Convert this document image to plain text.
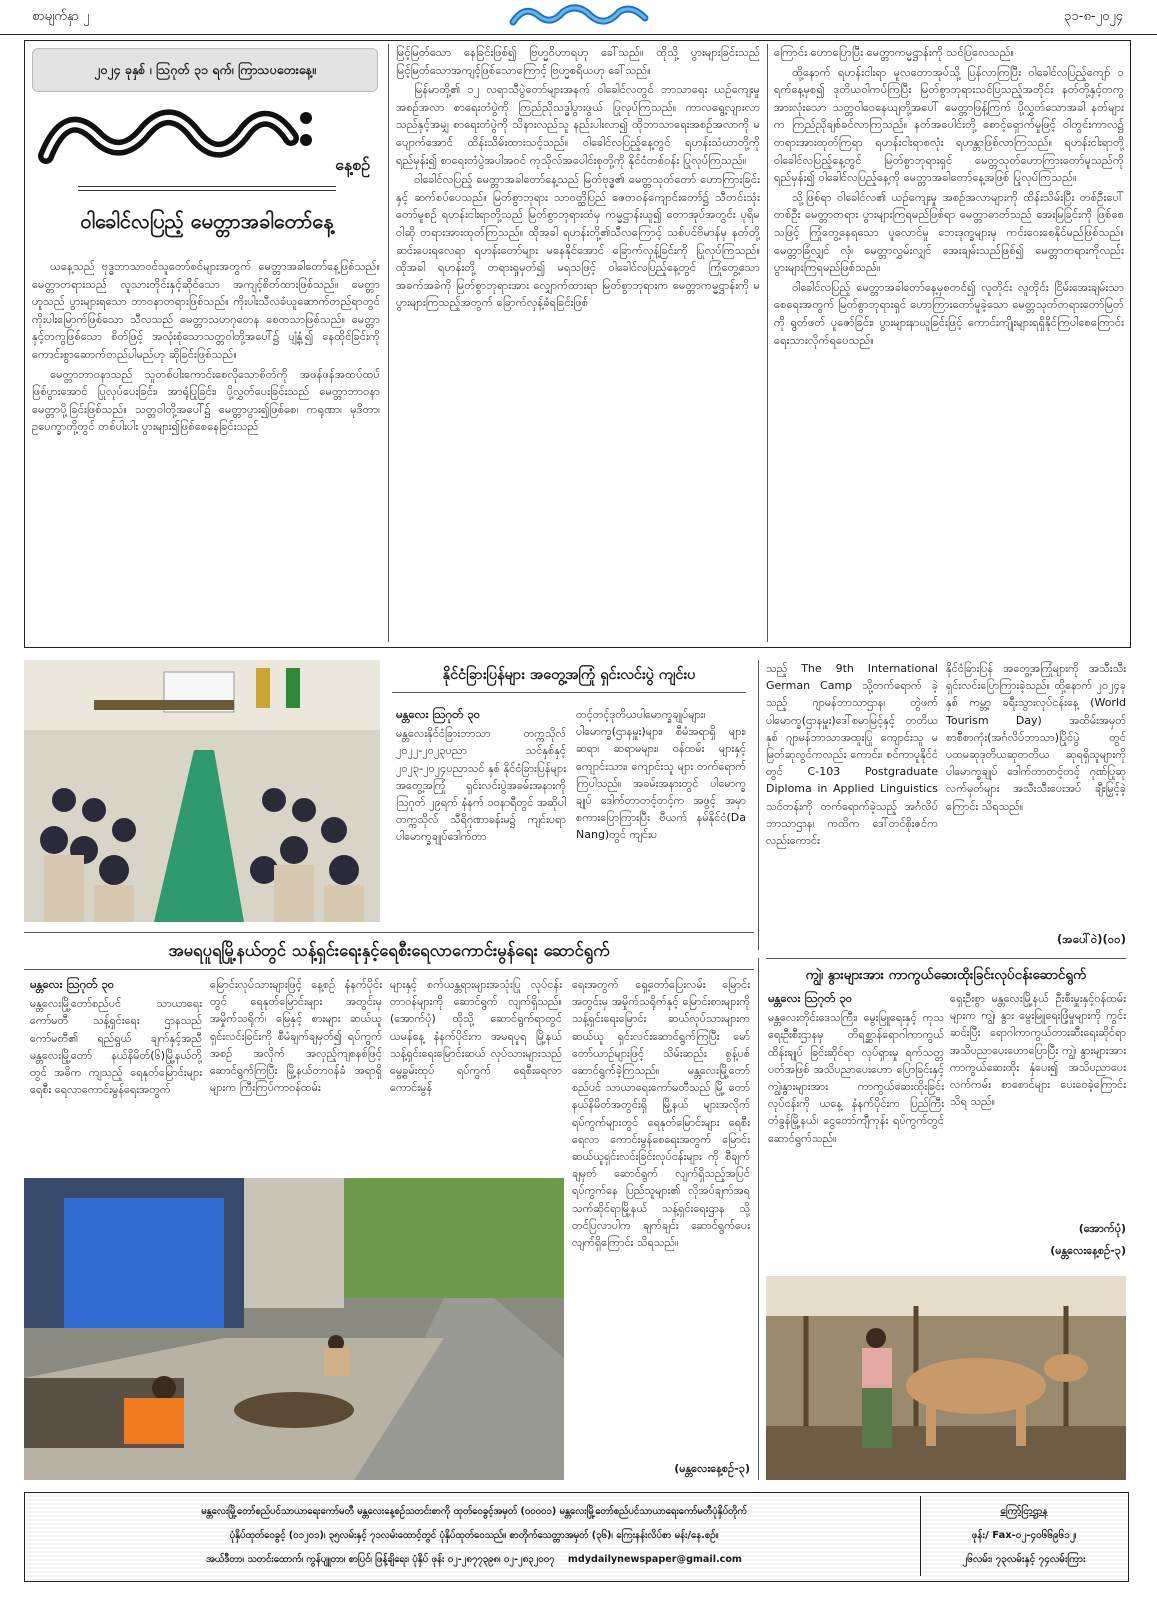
စာမျက်နှာ ၂	၃၁-၈-၂၀၂၄
၂၀၂၄ ခုနှစ် ၊ ဩဂုတ် ၃၁ ရက်၊ ကြာသပတေးနေ့။
နေ့စဉ်
ဝါခေါင်လပြည့် မေတ္တာအခါတော်နေ့

ယနေ့သည် ဗုဒ္ဓဘာသာဝင်သူတော်စင်များအတွက် မေတ္တာအခါတော်နေ့ဖြစ်သည်။ မေတ္တာတရားသည် လူသားတိုင်းနှင့်ဆိုင်သော အကျင့်စိတ်ထားဖြစ်သည်။ မေတ္တာဟူသည် ပွားများရသော ဘာဝနာတရားဖြစ်သည်။ ကိုးပါးသီလခံယူဆောက်တည်ရာတွင် ကိုးပါးမြောက်ဖြစ်သော သီလသည် မေတ္တာသဟဂုတေန စေတသာဖြစ်သည်။ မေတ္တာနှင့်တကွဖြစ်သော စိတ်ဖြင့် အလုံးစုံသောသတ္တဝါတို့အပေါ်၌ ပျံ့နှံ့၍ နေထိုင်ခြင်းကို ကောင်းစွာဆောက်တည်ပါမည်ဟု ဆိုခြင်းဖြစ်သည်။

မေတ္တာဘာဝနာသည် သူတစ်ပါးကောင်းစေလိုသောစိတ်ကို အဖန်ဖန်အထပ်ထပ်ဖြစ်ပွားအောင် ပြုလုပ်ပေးခြင်း၊ အာရုံပြုခြင်း၊ ပို့လွှတ်ပေးခြင်းသည် မေတ္တာဘာဝနာမေတ္တာပို့ခြင်းဖြစ်သည်။ သတ္တဝါတို့အပေါ်၌ မေတ္တာပွား၍ဖြစ်စေ၊ ကရုဏာ၊ မုဒိတာ၊ ဥပေက္ခာတို့တွင် တစ်ပါးပါး ပွားများ၍ဖြစ်စေနေခြင်းသည်

မြင့်မြတ်သော နေခြင်းဖြစ်၍ ဗြဟ္မဝိဟာရဟု ခေါ်သည်။ ထိုသို့ ပွားများခြင်းသည် မြင့်မြတ်သောအကျင့်ဖြစ်သောကြောင့် ဗြဟ္မစရိယဟု ခေါ်သည်။

မြန်မာတို့၏ ၁၂ လရာသီပွဲတော်များအနက် ဝါခေါင်လတွင် ဘာသာရေး ယဉ်ကျေးမှုအစဉ်အလာ စာရေးတံပွဲကို ကြည်ညိုသဒ္ဓါပွားဖွယ် ပြုလုပ်ကြသည်။ ကာလရွေ့လျားလာသည်နှင့်အမျှ စာရေးတံပွဲကို သိနားလည်သူ နည်းပါးလာ၍ ထိုဘာသာရေးအစဉ်အလာကို မပျောက်အောင် ထိန်းသိမ်းထားသင့်သည်။ ဝါခေါင်လပြည့်နေ့တွင် ရဟန်းသံဃာတို့ကိုရည်မှန်း၍ စာရေးတံပွဲအပါအဝင် ကုသိုလ်အပေါင်းစုတို့ကို နိုင်ငံတစ်ဝန်း ပြုလုပ်ကြသည်။

ဝါခေါင်လပြည့် မေတ္တာအခါတော်နေ့သည် မြတ်ဗုဒ္ဓ၏ မေတ္တသုတ်တော် ဟောကြားခြင်းနှင့် ဆက်စပ်ပေသည်။ မြတ်စွာဘုရား သာဝတ္ထိပြည် ဇေတဝန်ကျောင်းတော်၌ သီတင်းသုံးတော်မူစဉ် ရဟန်းငါးရာတို့သည် မြတ်စွာဘုရားထံမှ ကမ္မဋ္ဌာန်းယူ၍ တောအုပ်အတွင်း ပုရိမဝါဆို တရားအားထုတ်ကြသည်။ ထိုအခါ ရဟန်းတို့၏သီလကြောင့် သစ်ပင်ဗိမာန်မှ နတ်တို့ ဆင်းပေးရလေရာ ရဟန်းတော်များ မနေနိုင်အောင် ခြောက်လှန့်ခြင်းကို ပြုလုပ်ကြသည်။ ထိုအခါ ရဟန်းတို့ တရားရှုမှတ်၍ မရသဖြင့် ဝါခေါင်လပြည့်နေ့တွင် ကြုံတွေ့သော အခက်အခဲကို မြတ်စွာဘုရားအား လျှောက်ထားရာ မြတ်စွာဘုရားက မေတ္တာကမ္မဋ္ဌာန်းကို မပွားများကြသည့်အတွက် ခြောက်လှန့်ခံရခြင်းဖြစ်

ကြောင်း ဟောပြောပြီး မေတ္တာကမ္မဋ္ဌာန်းကို သင်ပြလေသည်။

ထို့နောက် ရဟန်းငါးရာ မူလတောအုပ်သို့ ပြန်လာကြပြီး ဝါခေါင်လပြည့်ကျော် ၁ ရက်နေ့မှစ၍ ဒုတိယဝါကပ်ကြပြီး မြတ်စွာဘုရားသင်ပြသည့်အတိုင်း နတ်တို့နှင့်တကွ အားလုံးသော သတ္တဝါဝေနေယျတို့အပေါ် မေတ္တာဖြန့်ကြက် ပို့လွှတ်သောအခါ နတ်များက ကြည်ညိုချစ်ခင်လာကြသည်။ နတ်အပေါင်းတို့ စောင့်ရှောက်မှုဖြင့် ဝါတွင်းကာလ၌ တရားအားထုတ်ကြရာ ရဟန်းငါးရာစလုံး ရဟန္တာဖြစ်လာကြသည်။ ရဟန်းငါးရာတို့ ဝါခေါင်လပြည့်နေ့တွင် မြတ်စွာဘုရားရှင် မေတ္တသုတ်ဟောကြားတော်မူသည်ကို ရည်မှန်း၍ ဝါခေါင်လပြည့်နေ့ကို မေတ္တာအခါတော်နေ့အဖြစ် ပြုလုပ်ကြသည်။

သို့ဖြစ်ရာ ဝါခေါင်လ၏ ယဉ်ကျေးမှု အစဉ်အလာများကို ထိန်းသိမ်းပြီး တစ်ဦးပေါ်တစ်ဦး မေတ္တာတရား ပွားများကြရမည်ဖြစ်ရာ မေတ္တာဓာတ်သည် အေးမြခြင်းကို ဖြစ်စေသဖြင့် ကြုံတွေ့နေရသော ပူလောင်မှု ဘေးဒုက္ခများမှ ကင်းဝေးစေနိုင်မည်ဖြစ်သည်။ မေတ္တာခြံလျှင် လုံ၊ မေတ္တာလွှမ်းလျှင် အေးချမ်းသည်ဖြစ်၍ မေတ္တာတရားကိုလည်း ပွားများကြရမည်ဖြစ်သည်။

ဝါခေါင်လပြည့် မေတ္တာအခါတော်နေ့မှစတင်၍ လူတိုင်း လူတိုင်း ငြိမ်းအေးချမ်းသာစေရေးအတွက် မြတ်စွာဘုရားရှင် ဟောကြားတော်မူခဲ့သော မေတ္တသုတ်တရားတော်မြတ်ကို ရွတ်ဖတ် ပူဇော်ခြင်း၊ ပွားများနာယူခြင်းဖြင့် ကောင်းကျိုးများရရှိနိုင်ကြပါစေကြောင်း ရေးသားလိုက်ရပေသည်။

နိုင်ငံခြားပြန်များ အတွေ့အကြုံ ရှင်းလင်းပွဲ ကျင်းပ
မန္တလေး ဩဂုတ် ၃၀
မန္တလေးနိုင်ငံခြားဘာသာ တက္ကသိုလ် ၂၀၂၂-၂၀၂၃ပညာ သင်နှစ်နှင့် ၂၀၂၃-၂၀၂၄ပညာသင် နှစ် နိုင်ငံခြားပြန်များ အတွေ့အကြုံ ရှင်းလင်းပွဲအခမ်းအနားကို ဩဂုတ် ၂၉ရက် နံနက် ၁၀နာရီတွင် အဆိုပါ တက္ကသိုလ် သီရိဂုဏာခန်းမ၌ ကျင်းပရာ ပါမောက္ခချုပ်ဒေါက်တာ
တင့်တင့်ဒုတိယပါမောက္ခချုပ်များ၊ ပါမောက္ခ(ဌာနမှူး)များ၊ စီမံအရာရှိ များ၊ ဆရာ၊ ဆရာမများ၊ ဝန်ထမ်း များနှင့် ကျောင်းသား၊ ကျောင်းသူ များ တက်ရောက်ကြပါသည်။ အခမ်းအနားတွင် ပါမောက္ခ ချုပ် ဒေါက်တာတင့်တင့်က အဖွင့် အမှာစကားပြောကြားပြီး ဗီယက် နမ်နိုင်ငံ(Da Nang)တွင် ကျင်းပ
သည့် The 9th International German Camp သို့တက်ရောက် ခဲ့သည့် ဂျာမန်ဘာသာဌာန၊ တွဲဖက် ပါမောက္ခ(ဌာနမှူး)ဒေါ်စမာမြင့်နှင့် တတိယနှစ် ဂျာမန်ဘာသာအထူးပြု ကျောင်းသူ မမြတ်ဆုလွင်ကလည်း ကောင်း၊ စင်ကာပူနိုင်ငံတွင် C-103 Postgraduate Diploma in Applied Linguistics သင်တန်းကို တက်ရောက်ခဲ့သည့် အင်္ဂလိပ်ဘာသာဌာန၊ ကထိက ဒေါ်တင်စိုးဇင်ကလည်းကောင်း
နိုင်ငံခြားပြန် အတွေ့အကြုံများကို အသီးသီးရှင်းလင်းပြောကြားခဲ့သည်။ ထို့နောက် ၂၀၂၄ခုနှစ် ကမ္ဘာ့ ခရီးသွားလုပ်ငန်းနေ့ (World Tourism Day) အထိမ်းအမှတ် စာစီစာကုံး(အင်္ဂလိပ်ဘာသာ)ပြိုင်ပွဲ တွင် ပထမဆုဒုတိယဆုတတိယ ဆုရရှိသူများကို ပါမောက္ခချုပ် ဒေါက်တာတင့်တင့် ဂုဏ်ပြုဆု လက်မှတ်များ အသီးသီးပေးအပ် ချီးမြှင့်ခဲ့ကြောင်း သိရသည်။
(အပေါ်ဝဲ)(ဝ၀)
အမရပူရမြို့နယ်တွင် သန့်ရှင်းရေးနှင့်ရေစီးရေလာကောင်းမွန်ရေး ဆောင်ရွက်
မန္တလေး ဩဂုတ် ၃၀
မန္တလေးမြို့တော်စည်ပင် သာယာရေးကော်မတီ သန့်ရှင်းရေး ဌာနသည် ကော်မတီ၏ ရည်ရွယ် ချက်နှင့်အညီ မန္တလေးမြို့တော် နယ်နိမိတ်(၆)မြို့နယ်တို့တွင် အဓိက ကျသည့် ရေနုတ်မြောင်းများ ရေစီး ရေလာကောင်းမွန်ရေးအတွက်
မြောင်းလုပ်သားများဖြင့် နေ့စဉ် နံနက်ပိုင်းတွင် ရေနုတ်မြောင်းများ အတွင်းမှ အမှိုက်သရိုက်၊ မြေနှင့် စားများ ဆယ်ယူရှင်းလင်းခြင်းကို စီမံချက်ချမှတ်၍ ရပ်ကွက်အစဉ် အလိုက် အလှည့်ကျစနစ်ဖြင့် ဆောင်ရွက်ကြပြီး မြို့နယ်တာဝန်ခံ အရာရှိများက ကြီးကြပ်ကာဝန်ထမ်း
များနှင့် စက်ယန္တရားများအသုံးပြု လုပ်ငန်းတာဝန်များကို ဆောင်ရွက် လျက်ရှိသည်။ (အောက်ပုံ) ထိုသို့ ဆောင်ရွက်ရာတွင် ယမန်နေ့ နံနက်ပိုင်းက အမရပူရ မြို့နယ် သန့်ရှင်းရေးမြောင်းဆယ် လုပ်သားများသည် မွေ့ခွမ်းထုပ် ရပ်ကွက် ရေစီးရေလာ ကောင်းမွန်
ရေးအတွက် ရှေ့တော်ပြေးလမ်း မြောင်းအတွင်းမှ အမှိုက်သရိုက်နှင့် မြောင်းစားများကို သန့်ရှင်းရေးမြောင်း ဆယ်လုပ်သားများက ဆယ်ယူ ရှင်းလင်းဆောင်ရွက်ကြပြီး မော် တော်ယာဉ်များဖြင့် သိမ်းဆည်း စွန့်ပစ်ဆောင်ရွက်ခဲ့ကြသည်။ မန္တလေးမြို့တော်စည်ပင် သာယာရေးကော်မတီသည် မြို့ တော်နယ်နိမိတ်အတွင်းရှိ မြို့နယ် များအလိုက် ရပ်ကွက်များတွင် ရေနုတ်မြောင်းများ ရေစီးရေလာ ကောင်းမွန်စေရေးအတွက် မြောင်း ဆယ်ယူရှင်းလင်းခြင်းလုပ်ငန်းများ ကို စီချက်ချမှတ် ဆောင်ရွက် လျက်ရှိသည့်အပြင် ရပ်ကွက်နေ ပြည်သူများ၏ လိုအပ်ချက်အရ သက်ဆိုင်ရာမြို့နယ် သန့်ရှင်းရေးဌာန သို့ တင်ပြလာပါက ချက်ချင်း ဆောင်ရွက်ပေးလျက်ရှိကြောင်း သိရသည်။
(မန္တလေးနေ့စဉ်-၃)
ကျွဲ၊ နွားများအား ကာကွယ်ဆေးထိုးခြင်းလုပ်ငန်းဆောင်ရွက်
မန္တလေး ဩဂုတ် ၃၀
မန္တလေးတိုင်းဒေသကြီး၊ မွေးမြူရေးနှင့် ကုသရေးဦးစီးဌာနမှ တိရစ္ဆာန်ရောဂါကာကွယ်ထိန်းချုပ် ခြင်းဆိုင်ရာ လုပ်ရှားမှု ရက်သတ္တ ပတ်အဖြစ် အသိပညာပေးဟော ပြောခြင်းနှင့် ကျွဲ၊နွားများအား ကာကွယ်ဆေးထိုးခြင်းလုပ်ငန်းကို ယနေ့ နံနက်ပိုင်းက ပြည်ကြီး တံခွန်မြို့နယ်၊ ငွေတော်ကျီကုန်း ရပ်ကွက်တွင် ဆောင်ရွက်သည်။
ရှေးဦးစွာ မန္တလေးမြို့နယ် ဦးစီးမှူးနှင့်ဝန်ထမ်းများက ကျွဲ၊ နွား မွေးမြူရေးဖြံ့မှုများကို ကွင်းဆင်းပြီး ရောဂါကာကွယ်တားဆီးရေးဆိုင်ရာ အသိပညာပေးဟောပြောပြီး ကျွဲ၊ နွားများအား ကာကွယ်ဆေးထိုး နှံပေး၍ အသိပညာပေး လက်ကမ်း စာစောင်များ ပေးဝေခဲ့ကြောင်း သိရ သည်။
(အောက်ပုံ)
(မန္တလေးနေ့စဉ်-၃)
မန္တလေးမြို့တော်စည်ပင်သာယာရေးကော်မတီ မန္တလေးနေ့စဉ်သတင်းစာကို ထုတ်ဝေခွင့်အမှတ် (၀၀၀၀၁) မန္တလေးမြို့တော်စည်ပင်သာယာရေးကော်မတီပုံနှိပ်တိုက်
ပုံနှိပ်ထုတ်ဝေခွင့် (၀၁၂၀၁)၊ ၃၅လမ်းနှင့် ၇၁လမ်းထောင့်တွင် ပုံနှိပ်ထုတ်ဝေသည်။ စာတိုက်သေတ္တာအမှတ် (၃၆)၊ ကြေးနန်းလိပ်စာ မန်း/နေ.စဉ်။
အယ်ဒီတာ၊ သတင်းထောက်၊ ကွန်ပျူတာ၊ စာပြင်၊ ဖြန့်ချိရေး၊ ပုံနှိပ် ဖုန်း ၀၂-၂၈၇၇၃၉၈၊ ၀၂-၂၈၃၂၀၀၇ mdydailynewspaper@gmail.com
ကြော်ငြာဌာန
ဖုန်း/ Fax-၀၂-၄၀၆၆၉၆၁၂၊
၂၆လမ်း၊ ၇၃လမ်းနှင့် ၇၄လမ်းကြား
